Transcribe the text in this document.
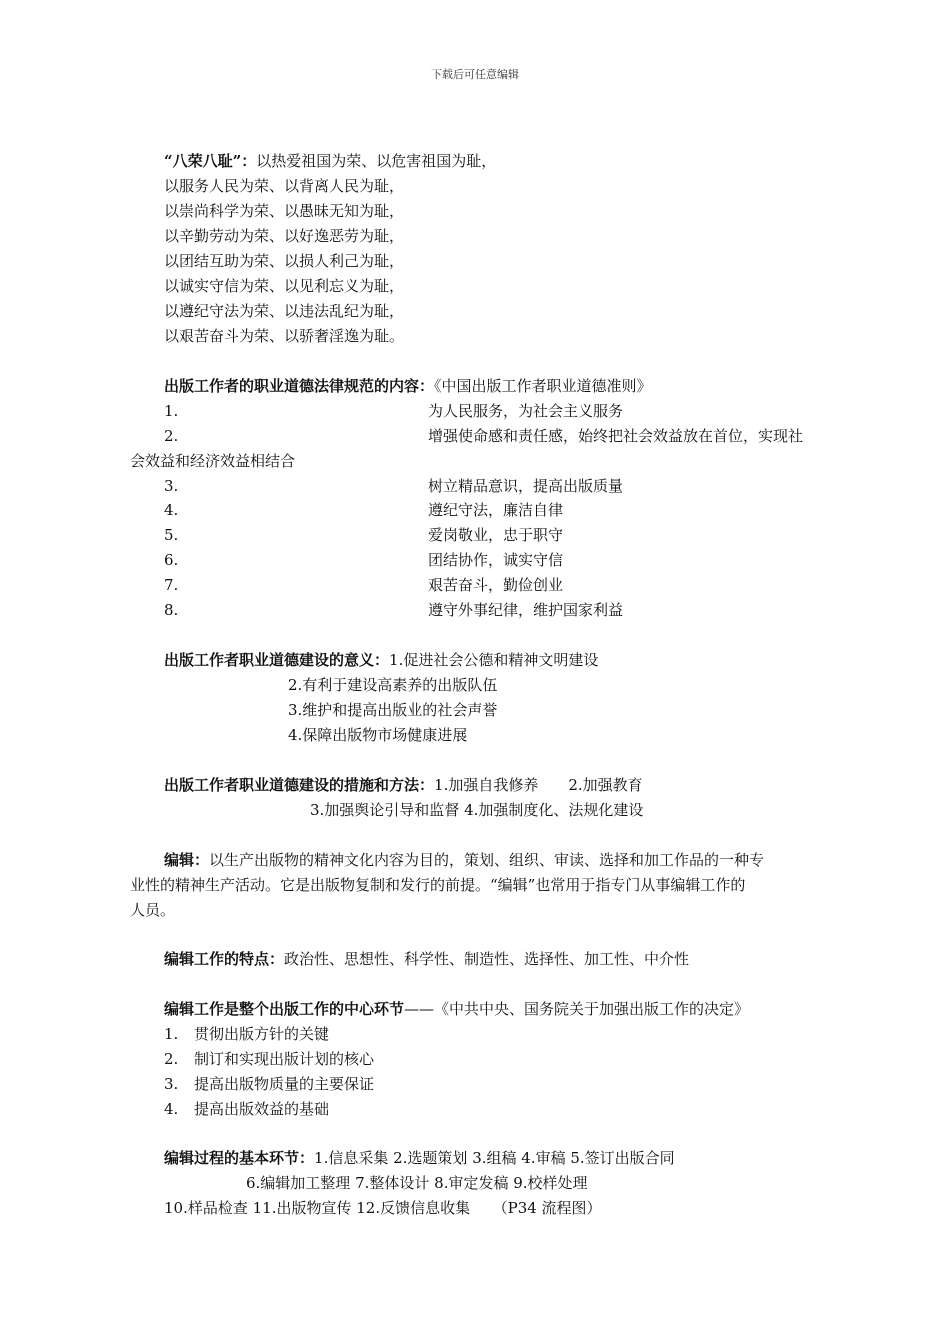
下载后可任意编辑
“八荣八耻”：以热爱祖国为荣、以危害祖国为耻，
以服务人民为荣、以背离人民为耻，
以崇尚科学为荣、以愚昧无知为耻，
以辛勤劳动为荣、以好逸恶劳为耻，
以团结互助为荣、以损人利己为耻，
以诚实守信为荣、以见利忘义为耻，
以遵纪守法为荣、以违法乱纪为耻，
以艰苦奋斗为荣、以骄奢淫逸为耻。
出版工作者的职业道德法律规范的内容：《中国出版工作者职业道德准则》
1.	为人民服务，为社会主义服务
2.	增强使命感和责任感，始终把社会效益放在首位，实现社
会效益和经济效益相结合
3.	树立精品意识，提高出版质量
4.	遵纪守法，廉洁自律
5.	爱岗敬业，忠于职守
6.	团结协作，诚实守信
7.	艰苦奋斗，勤俭创业
8.	遵守外事纪律，维护国家利益
出版工作者职业道德建设的意义：1.促进社会公德和精神文明建设
2.有利于建设高素养的出版队伍
3.维护和提高出版业的社会声誉
4.保障出版物市场健康进展
出版工作者职业道德建设的措施和方法：1.加强自我修养　　2.加强教育
3.加强舆论引导和监督 4.加强制度化、法规化建设
编辑：以生产出版物的精神文化内容为目的，策划、组织、审读、选择和加工作品的一种专
业性的精神生产活动。它是出版物复制和发行的前提。“编辑”也常用于指专门从事编辑工作的
人员。
编辑工作的特点：政治性、思想性、科学性、制造性、选择性、加工性、中介性
编辑工作是整个出版工作的中心环节——《中共中央、国务院关于加强出版工作的决定》
1. 贯彻出版方针的关键
2. 制订和实现出版计划的核心
3. 提高出版物质量的主要保证
4. 提高出版效益的基础
编辑过程的基本环节：1.信息采集 2.选题策划 3.组稿 4.审稿 5.签订出版合同
6.编辑加工整理 7.整体设计 8.审定发稿 9.校样处理
10.样品检查 11.出版物宣传 12.反馈信息收集　　（P34 流程图）
